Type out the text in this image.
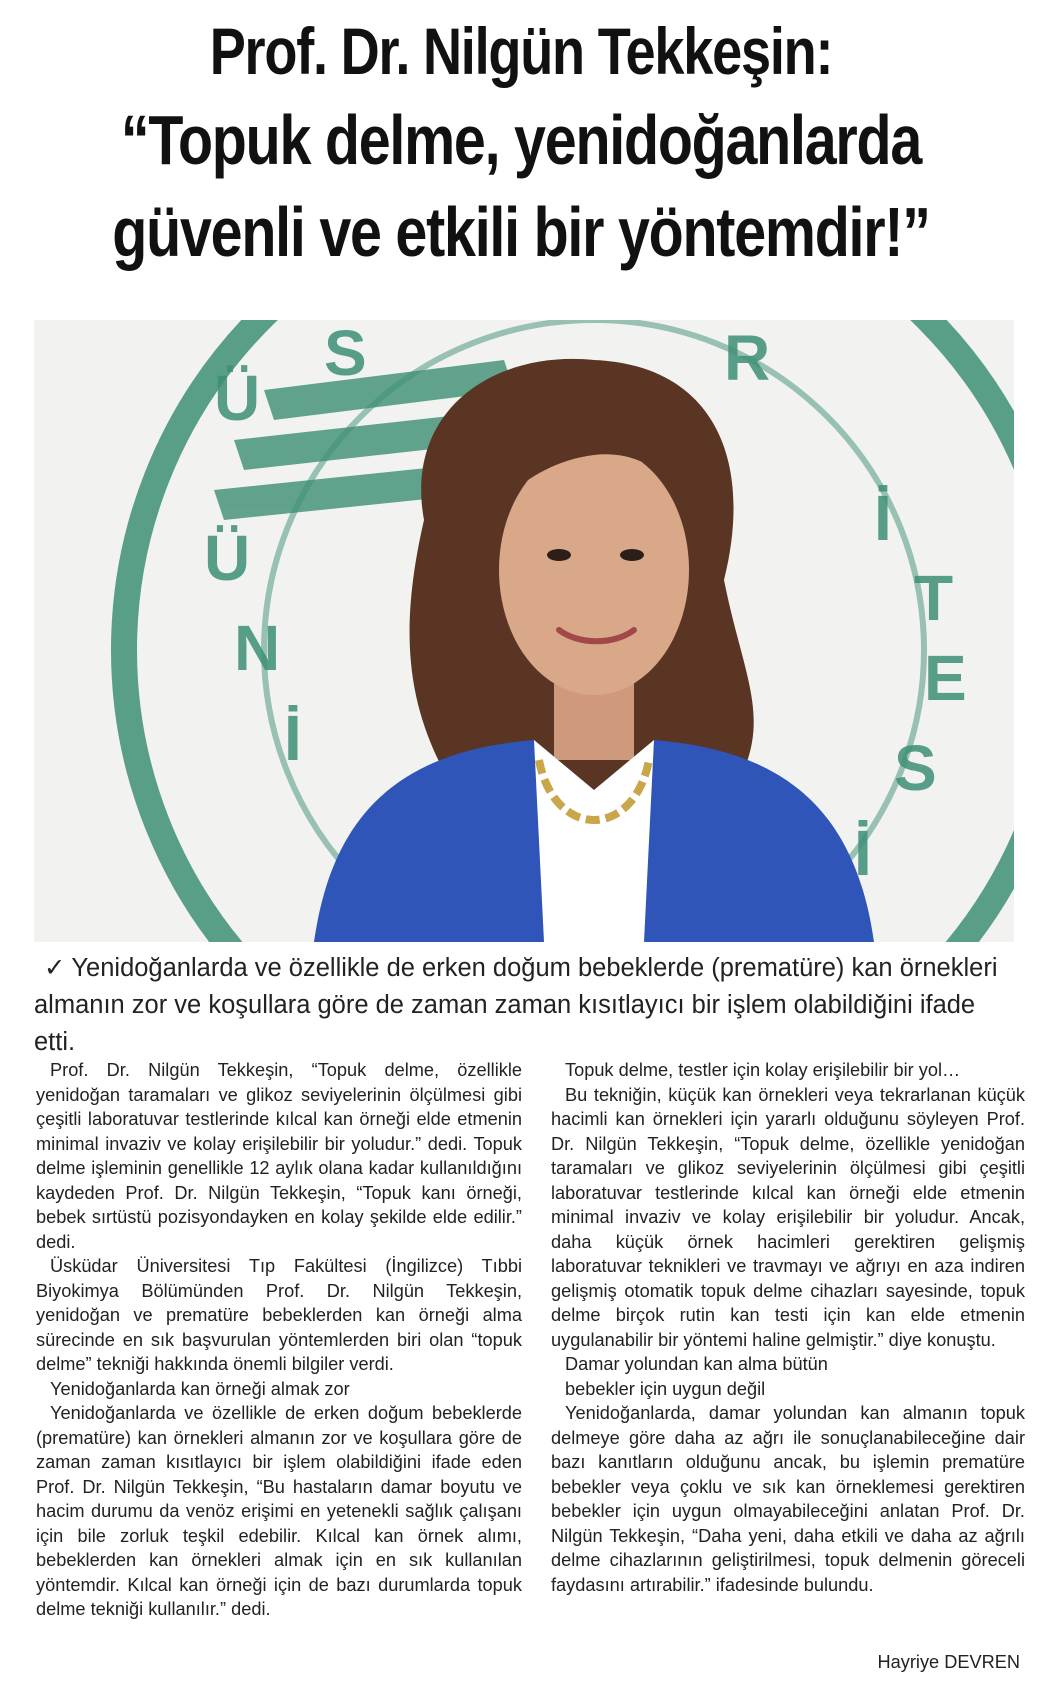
Prof. Dr. Nilgün Tekkeşin:
“Topuk delme, yenidoğanlarda
güvenli ve etkili bir yöntemdir!”
Ü
S	R
Ü
N
İ
İ
T
E
S
İ
✓ Yenidoğanlarda ve özellikle de erken doğum bebeklerde (prematüre) kan örnekleri almanın zor ve koşullara göre de zaman zaman kısıtlayıcı bir işlem olabildiğini ifade etti.

Prof. Dr. Nilgün Tekkeşin, “Topuk delme, özellikle yenidoğan taramaları ve glikoz seviyelerinin ölçülmesi gibi çeşitli laboratuvar testlerinde kılcal kan örneği elde etmenin minimal invaziv ve kolay erişilebilir bir yoludur.” dedi. Topuk delme işleminin genellikle 12 aylık olana kadar kullanıldığını kaydeden Prof. Dr. Nilgün Tekkeşin, “Topuk kanı örneği, bebek sırtüstü pozisyondayken en kolay şekilde elde edilir.” dedi.

Üsküdar Üniversitesi Tıp Fakültesi (İngilizce) Tıbbi Biyokimya Bölümünden Prof. Dr. Nilgün Tekkeşin, yenidoğan ve prematüre bebeklerden kan örneği alma sürecinde en sık başvurulan yöntemlerden biri olan “topuk delme” tekniği hakkında önemli bilgiler verdi.

Yenidoğanlarda kan örneği almak zor

Yenidoğanlarda ve özellikle de erken doğum bebeklerde (prematüre) kan örnekleri almanın zor ve koşullara göre de zaman zaman kısıtlayıcı bir işlem olabildiğini ifade eden Prof. Dr. Nilgün Tekkeşin, “Bu hastaların damar boyutu ve hacim durumu da venöz erişimi en yetenekli sağlık çalışanı için bile zorluk teşkil edebilir. Kılcal kan örnek alımı, bebeklerden kan örnekleri almak için en sık kullanılan yöntemdir. Kılcal kan örneği için de bazı durumlarda topuk delme tekniği kullanılır.” dedi.

Topuk delme, testler için kolay erişilebilir bir yol…

Bu tekniğin, küçük kan örnekleri veya tekrarlanan küçük hacimli kan örnekleri için yararlı olduğunu söyleyen Prof. Dr. Nilgün Tekkeşin, “Topuk delme, özellikle yenidoğan taramaları ve glikoz seviyelerinin ölçülmesi gibi çeşitli laboratuvar testlerinde kılcal kan örneği elde etmenin minimal invaziv ve kolay erişilebilir bir yoludur. Ancak, daha küçük örnek hacimleri gerektiren gelişmiş laboratuvar teknikleri ve travmayı ve ağrıyı en aza indiren gelişmiş otomatik topuk delme cihazları sayesinde, topuk delme birçok rutin kan testi için kan elde etmenin uygulanabilir bir yöntemi haline gelmiştir.” diye konuştu.

Damar yolundan kan alma bütün

bebekler için uygun değil

Yenidoğanlarda, damar yolundan kan almanın topuk delmeye göre daha az ağrı ile sonuçlanabileceğine dair bazı kanıtların olduğunu ancak, bu işlemin prematüre bebekler veya çoklu ve sık kan örneklemesi gerektiren bebekler için uygun olmayabileceğini anlatan Prof. Dr. Nilgün Tekkeşin, “Daha yeni, daha etkili ve daha az ağrılı delme cihazlarının geliştirilmesi, topuk delmenin göreceli faydasını artırabilir.” ifadesinde bulundu.

Hayriye DEVREN
